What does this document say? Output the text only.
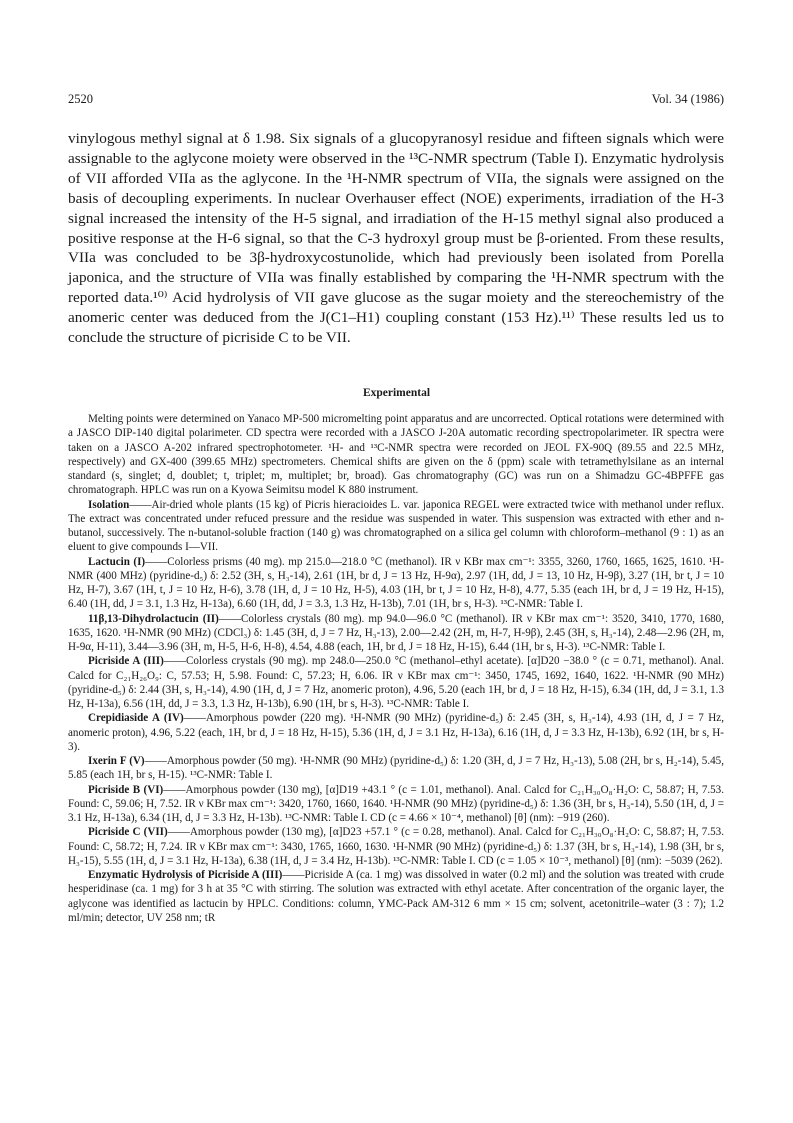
2520	Vol. 34 (1986)

vinylogous methyl signal at δ 1.98. Six signals of a glucopyranosyl residue and fifteen signals which were assignable to the aglycone moiety were observed in the ¹³C-NMR spectrum (Table I). Enzymatic hydrolysis of VII afforded VIIa as the aglycone. In the ¹H-NMR spectrum of VIIa, the signals were assigned on the basis of decoupling experiments. In nuclear Overhauser effect (NOE) experiments, irradiation of the H-3 signal increased the intensity of the H-5 signal, and irradiation of the H-15 methyl signal also produced a positive response at the H-6 signal, so that the C-3 hydroxyl group must be β-oriented. From these results, VIIa was concluded to be 3β-hydroxycostunolide, which had previously been isolated from Porella japonica, and the structure of VIIa was finally established by comparing the ¹H-NMR spectrum with the reported data.¹⁰⁾ Acid hydrolysis of VII gave glucose as the sugar moiety and the stereochemistry of the anomeric center was deduced from the J(C1–H1) coupling constant (153 Hz).¹¹⁾ These results led us to conclude the structure of picriside C to be VII.

Experimental

Melting points were determined on Yanaco MP-500 micromelting point apparatus and are uncorrected. Optical rotations were determined with a JASCO DIP-140 digital polarimeter. CD spectra were recorded with a JASCO J-20A automatic recording spectropolarimeter. IR spectra were taken on a JASCO A-202 infrared spectrophotometer. ¹H- and ¹³C-NMR spectra were recorded on JEOL FX-90Q (89.55 and 22.5 MHz, respectively) and GX-400 (399.65 MHz) spectrometers. Chemical shifts are given on the δ (ppm) scale with tetramethylsilane as an internal standard (s, singlet; d, doublet; t, triplet; m, multiplet; br, broad). Gas chromatography (GC) was run on a Shimadzu GC-4BPFFE gas chromatograph. HPLC was run on a Kyowa Seimitsu model K 880 instrument.

Isolation——Air-dried whole plants (15 kg) of Picris hieracioides L. var. japonica REGEL were extracted twice with methanol under reflux. The extract was concentrated under refuced pressure and the residue was suspended in water. This suspension was extracted with ether and n-butanol, successively. The n-butanol-soluble fraction (140 g) was chromatographed on a silica gel column with chloroform–methanol (9 : 1) as an eluent to give compounds I—VII.

Lactucin (I)——Colorless prisms (40 mg). mp 215.0—218.0 °C (methanol). IR ν KBr max cm⁻¹: 3355, 3260, 1760, 1665, 1625, 1610. ¹H-NMR (400 MHz) (pyridine-d₅) δ: 2.52 (3H, s, H₃-14), 2.61 (1H, br d, J = 13 Hz, H-9α), 2.97 (1H, dd, J = 13, 10 Hz, H-9β), 3.27 (1H, br t, J = 10 Hz, H-7), 3.67 (1H, t, J = 10 Hz, H-6), 3.78 (1H, d, J = 10 Hz, H-5), 4.03 (1H, br t, J = 10 Hz, H-8), 4.77, 5.35 (each 1H, br d, J = 19 Hz, H-15), 6.40 (1H, dd, J = 3.1, 1.3 Hz, H-13a), 6.60 (1H, dd, J = 3.3, 1.3 Hz, H-13b), 7.01 (1H, br s, H-3). ¹³C-NMR: Table I.

11β,13-Dihydrolactucin (II)——Colorless crystals (80 mg). mp 94.0—96.0 °C (methanol). IR ν KBr max cm⁻¹: 3520, 3410, 1770, 1680, 1635, 1620. ¹H-NMR (90 MHz) (CDCl₃) δ: 1.45 (3H, d, J = 7 Hz, H₃-13), 2.00—2.42 (2H, m, H-7, H-9β), 2.45 (3H, s, H₃-14), 2.48—2.96 (2H, m, H-9α, H-11), 3.44—3.96 (3H, m, H-5, H-6, H-8), 4.54, 4.88 (each, 1H, br d, J = 18 Hz, H-15), 6.44 (1H, br s, H-3). ¹³C-NMR: Table I.

Picriside A (III)——Colorless crystals (90 mg). mp 248.0—250.0 °C (methanol–ethyl acetate). [α]D20 −38.0 ° (c = 0.71, methanol). Anal. Calcd for C₂₁H₂₆O₉: C, 57.53; H, 5.98. Found: C, 57.23; H, 6.06. IR ν KBr max cm⁻¹: 3450, 1745, 1692, 1640, 1622. ¹H-NMR (90 MHz) (pyridine-d₅) δ: 2.44 (3H, s, H₃-14), 4.90 (1H, d, J = 7 Hz, anomeric proton), 4.96, 5.20 (each 1H, br d, J = 18 Hz, H-15), 6.34 (1H, dd, J = 3.1, 1.3 Hz, H-13a), 6.56 (1H, dd, J = 3.3, 1.3 Hz, H-13b), 6.90 (1H, br s, H-3). ¹³C-NMR: Table I.

Crepidiaside A (IV)——Amorphous powder (220 mg). ¹H-NMR (90 MHz) (pyridine-d₅) δ: 2.45 (3H, s, H₃-14), 4.93 (1H, d, J = 7 Hz, anomeric proton), 4.96, 5.22 (each, 1H, br d, J = 18 Hz, H-15), 5.36 (1H, d, J = 3.1 Hz, H-13a), 6.16 (1H, d, J = 3.3 Hz, H-13b), 6.92 (1H, br s, H-3).

Ixerin F (V)——Amorphous powder (50 mg). ¹H-NMR (90 MHz) (pyridine-d₅) δ: 1.20 (3H, d, J = 7 Hz, H₃-13), 5.08 (2H, br s, H₂-14), 5.45, 5.85 (each 1H, br s, H-15). ¹³C-NMR: Table I.

Picriside B (VI)——Amorphous powder (130 mg), [α]D19 +43.1 ° (c = 1.01, methanol). Anal. Calcd for C₂₁H₃₀O₈·H₂O: C, 58.87; H, 7.53. Found: C, 59.06; H, 7.52. IR ν KBr max cm⁻¹: 3420, 1760, 1660, 1640. ¹H-NMR (90 MHz) (pyridine-d₅) δ: 1.36 (3H, br s, H₃-14), 5.50 (1H, d, J = 3.1 Hz, H-13a), 6.34 (1H, d, J = 3.3 Hz, H-13b). ¹³C-NMR: Table I. CD (c = 4.66 × 10⁻⁴, methanol) [θ] (nm): −919 (260).

Picriside C (VII)——Amorphous powder (130 mg), [α]D23 +57.1 ° (c = 0.28, methanol). Anal. Calcd for C₂₁H₃₀O₈·H₂O: C, 58.87; H, 7.53. Found: C, 58.72; H, 7.24. IR ν KBr max cm⁻¹: 3430, 1765, 1660, 1630. ¹H-NMR (90 MHz) (pyridine-d₅) δ: 1.37 (3H, br s, H₃-14), 1.98 (3H, br s, H₃-15), 5.55 (1H, d, J = 3.1 Hz, H-13a), 6.38 (1H, d, J = 3.4 Hz, H-13b). ¹³C-NMR: Table I. CD (c = 1.05 × 10⁻³, methanol) [θ] (nm): −5039 (262).

Enzymatic Hydrolysis of Picriside A (III)——Picriside A (ca. 1 mg) was dissolved in water (0.2 ml) and the solution was treated with crude hesperidinase (ca. 1 mg) for 3 h at 35 °C with stirring. The solution was extracted with ethyl acetate. After concentration of the organic layer, the aglycone was identified as lactucin by HPLC. Conditions: column, YMC-Pack AM-312 6 mm × 15 cm; solvent, acetonitrile–water (3 : 7); 1.2 ml/min; detector, UV 258 nm; tR
